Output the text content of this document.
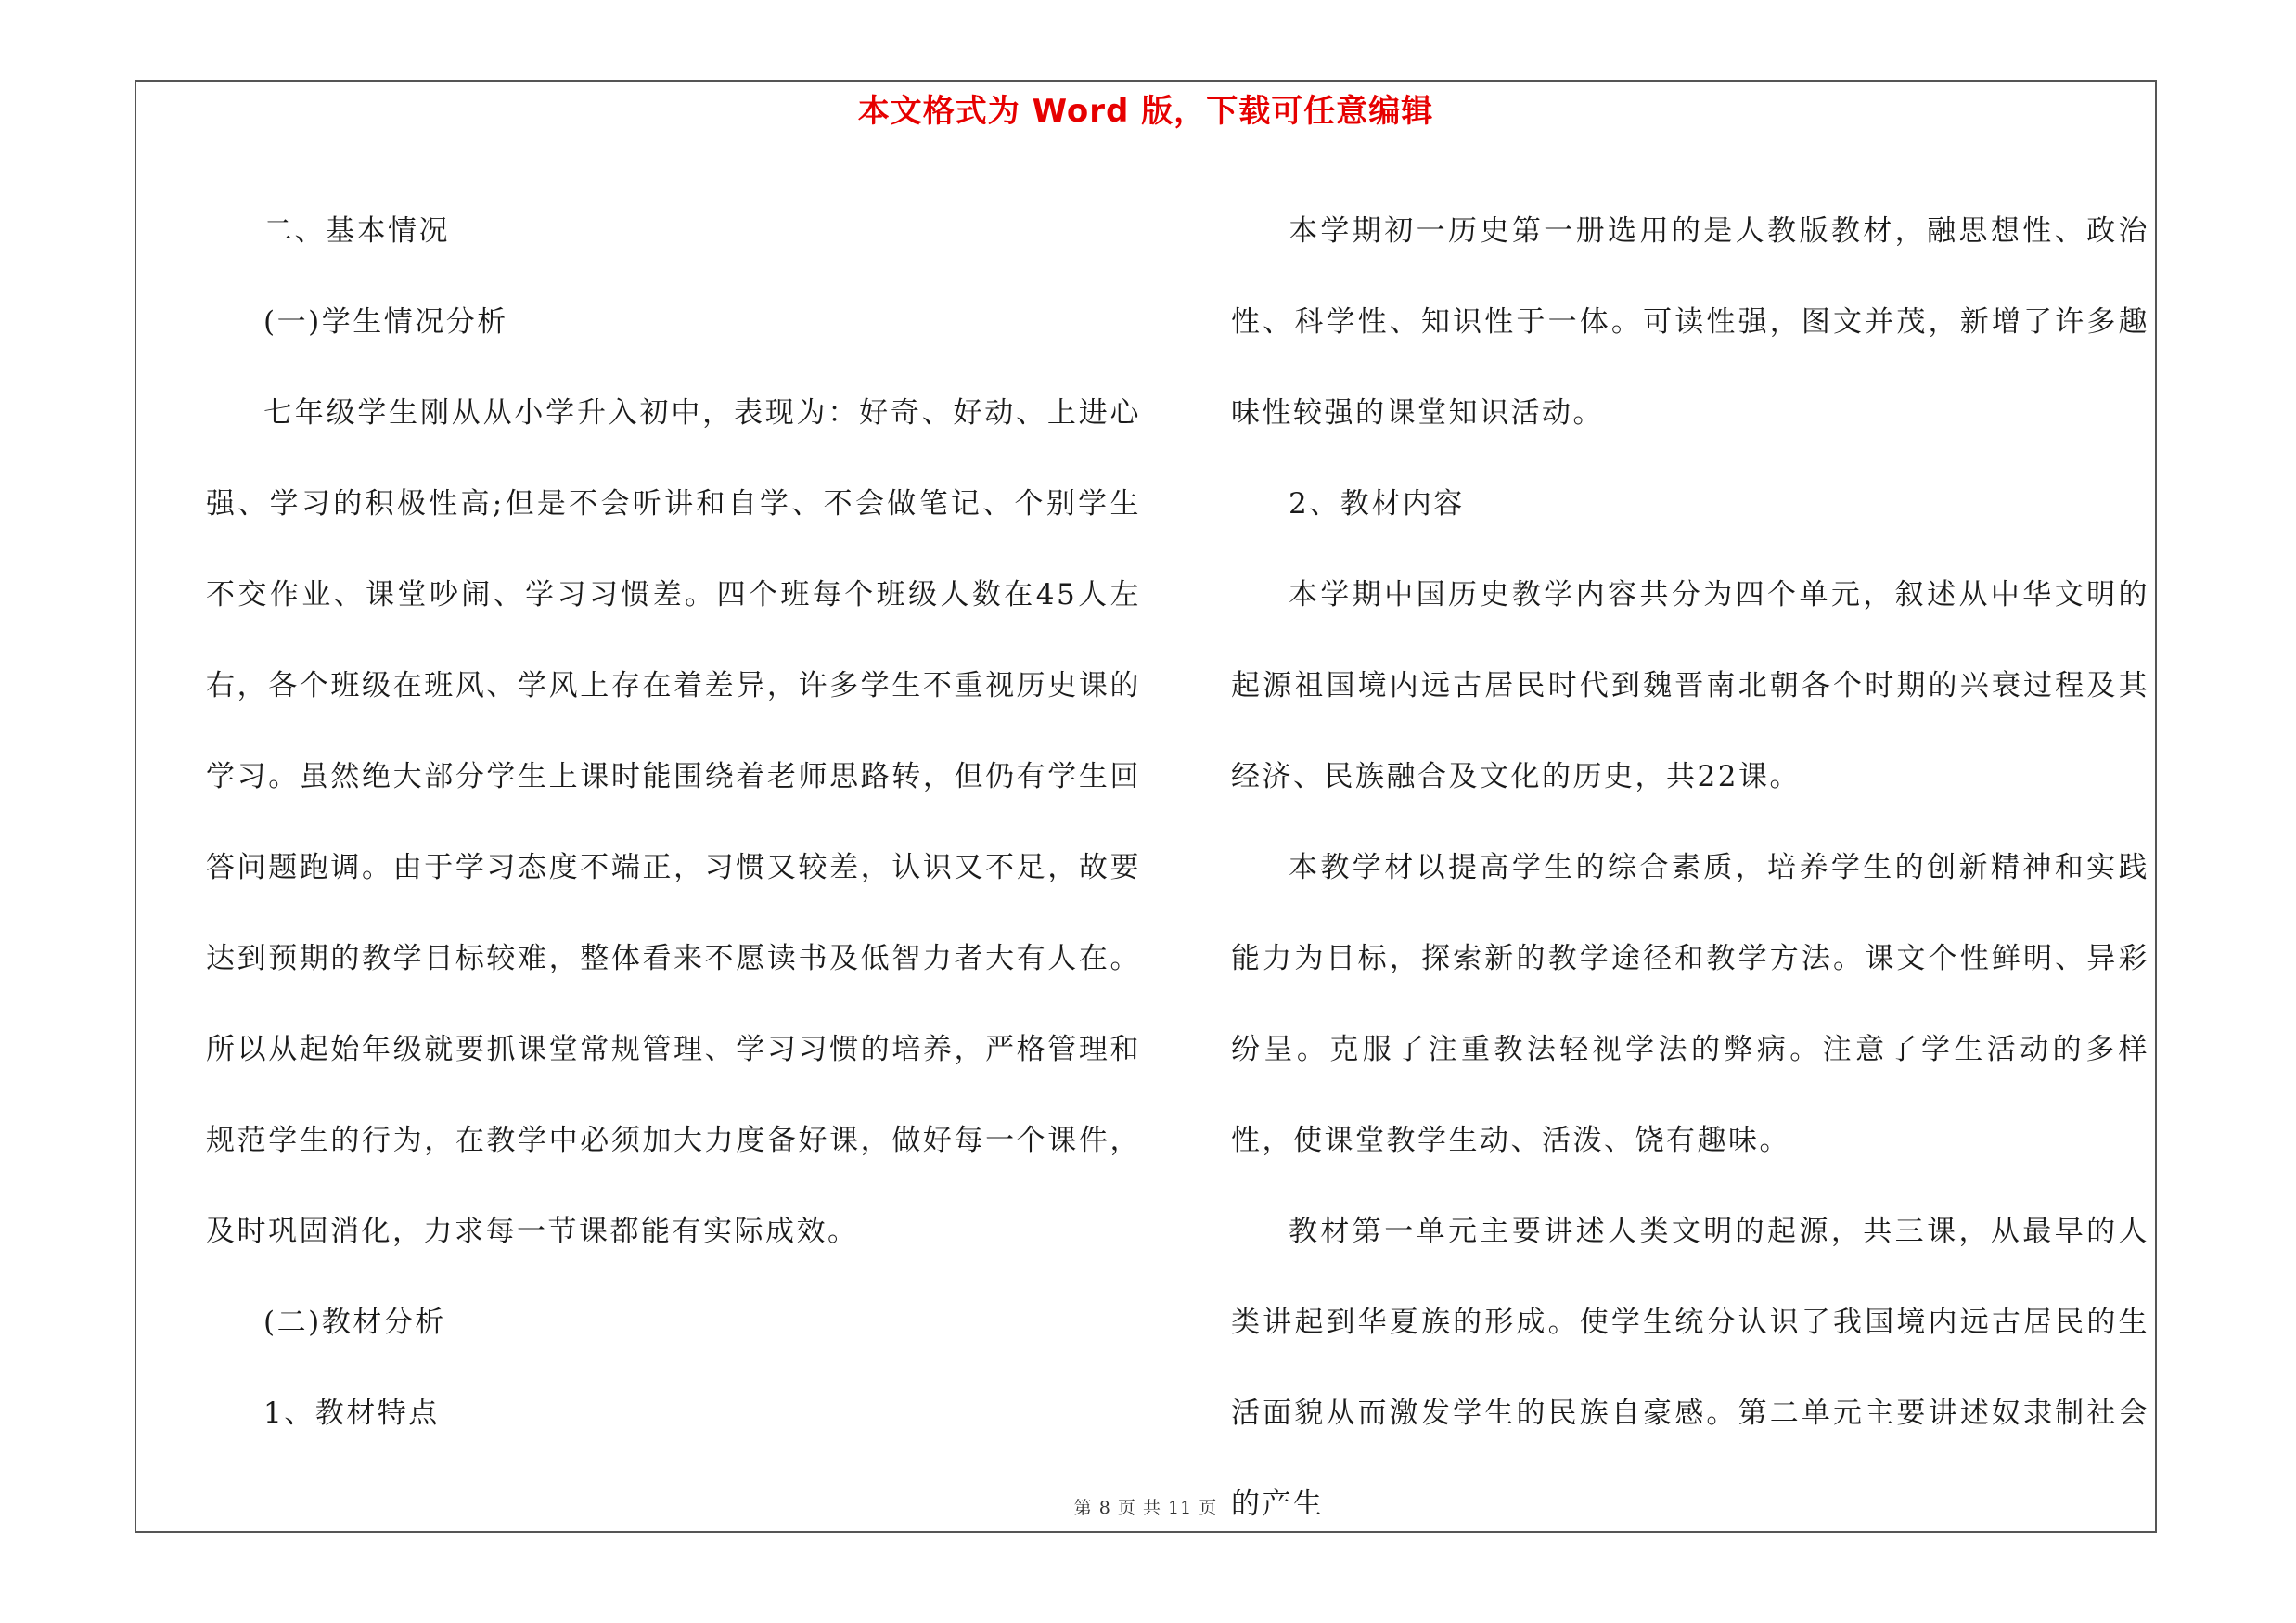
本文格式为 Word 版，下载可任意编辑

二、基本情况

(一)学生情况分析

七年级学生刚从从小学升入初中，表现为：好奇、好动、上进心强、学习的积极性高;但是不会听讲和自学、不会做笔记、个别学生不交作业、课堂吵闹、学习习惯差。四个班每个班级人数在45人左右，各个班级在班风、学风上存在着差异，许多学生不重视历史课的学习。虽然绝大部分学生上课时能围绕着老师思路转，但仍有学生回答问题跑调。由于学习态度不端正，习惯又较差，认识又不足，故要达到预期的教学目标较难，整体看来不愿读书及低智力者大有人在。所以从起始年级就要抓课堂常规管理、学习习惯的培养，严格管理和规范学生的行为，在教学中必须加大力度备好课，做好每一个课件，及时巩固消化，力求每一节课都能有实际成效。

(二)教材分析

1、教材特点

本学期初一历史第一册选用的是人教版教材，融思想性、政治性、科学性、知识性于一体。可读性强，图文并茂，新增了许多趣味性较强的课堂知识活动。

2、教材内容

本学期中国历史教学内容共分为四个单元，叙述从中华文明的起源祖国境内远古居民时代到魏晋南北朝各个时期的兴衰过程及其经济、民族融合及文化的历史，共22课。

本教学材以提高学生的综合素质，培养学生的创新精神和实践能力为目标，探索新的教学途径和教学方法。课文个性鲜明、异彩纷呈。克服了注重教法轻视学法的弊病。注意了学生活动的多样性，使课堂教学生动、活泼、饶有趣味。

教材第一单元主要讲述人类文明的起源，共三课，从最早的人类讲起到华夏族的形成。使学生统分认识了我国境内远古居民的生活面貌从而激发学生的民族自豪感。第二单元主要讲述奴隶制社会的产生

第 8 页 共 11 页
